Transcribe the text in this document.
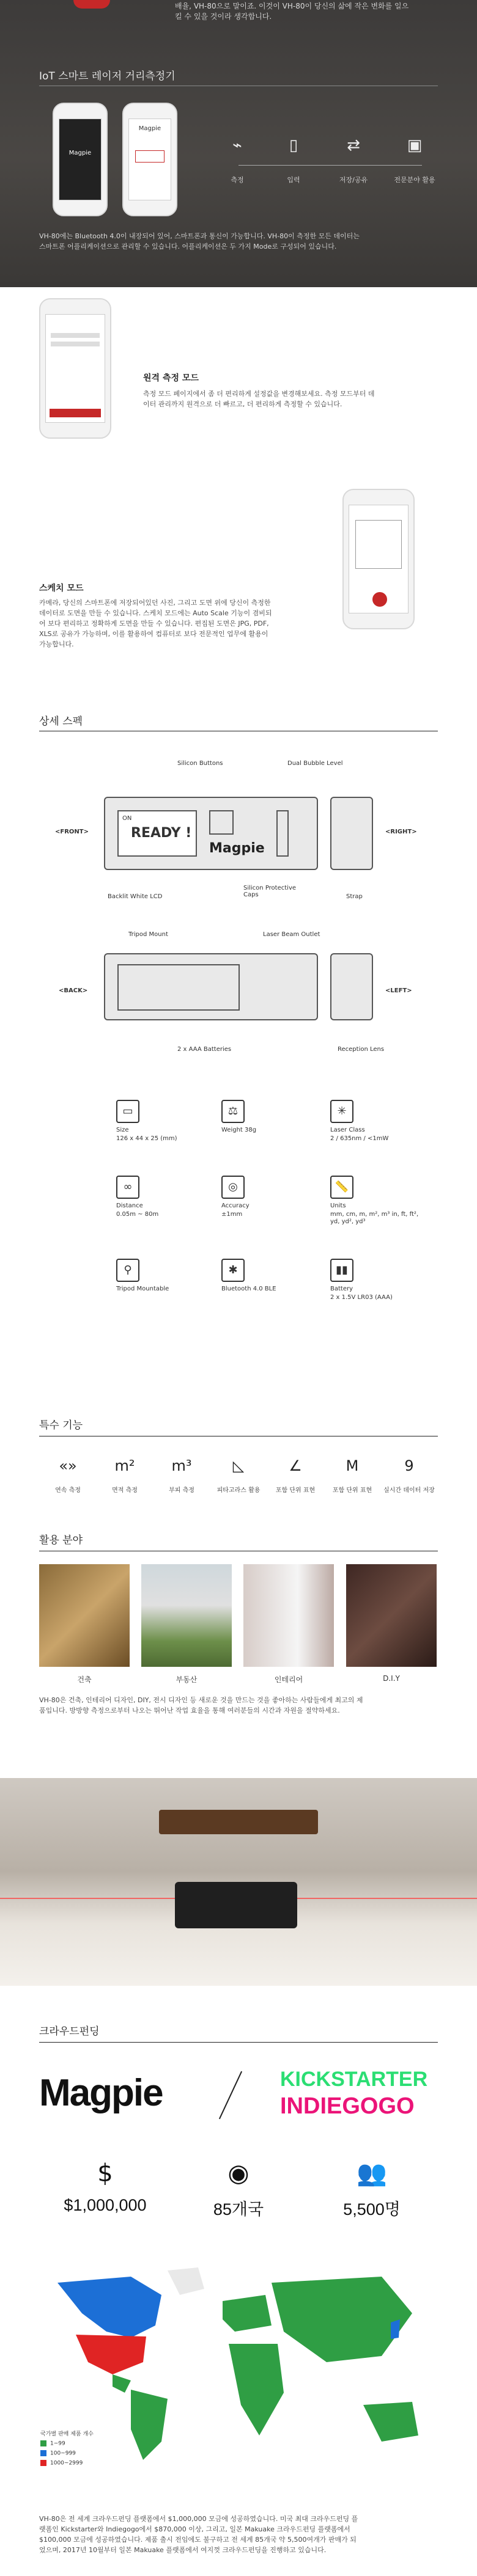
배율, VH-80으로 말이죠. 이것이 VH-80이 당신의 삶에 작은 변화를 일으
킬 수 있을 것이라 생각합니다.
IoT 스마트 레이저 거리측정기
Magpie
Magpie
⌁	▯	⇄	▣
측정	입력	저장/공유	전문분야 활용
VH-80에는 Bluetooth 4.0이 내장되어 있어, 스마트폰과 통신이 가능합니다. VH-80이 측정한 모든 데이터는
스마트폰 어플리케이션으로 관리할 수 있습니다. 어플리케이션은 두 가지 Mode로 구성되어 있습니다.
원격 측정 모드
측정 모드 페이지에서 좀 더 편리하게 설정값을 변경해보세요. 측정 모드부터 데
이터 관리까지 원격으로 더 빠르고, 더 편리하게 측정할 수 있습니다.
스케치 모드
카메라, 당신의 스마트폰에 저장되어있던 사진, 그리고 도면 위에 당신이 측정한
데이터로 도면을 만들 수 있습니다. 스케치 모드에는 Auto Scale 기능이 겸비되
어 보다 편리하고 정확하게 도면을 만들 수 있습니다. 편집된 도면은 JPG, PDF,
XLS로 공유가 가능하며, 이를 활용하여 컴퓨터로 보다 전문적인 업무에 활용이
가능합니다.
상세 스펙
Silicon Buttons	Dual Bubble Level
<FRONT>
ON
READY !
Magpie
<RIGHT>
Backlit White LCD
Silicon Protective Caps	Strap
Tripod Mount	Laser Beam Outlet
<BACK>	<LEFT>
2 x AAA Batteries	Reception Lens
▭
Size
126 x 44 x 25 (mm)
⚖
Weight 38g
✳
Laser Class
2 / 635nm / <1mW
∞
Distance
0.05m ~ 80m
◎
Accuracy
±1mm
📏
Units
mm, cm, m, m², m³ in, ft, ft², yd, yd², yd³
⚲
Tripod Mountable
✱
Bluetooth 4.0 BLE
▮▮
Battery
2 x 1.5V LR03 (AAA)
특수 기능
«»
연속 측정
m²
면적 측정
m³
부피 측정
◺
피타고라스 활용
∠
포함 단위 표현
M
포함 단위 표현
9
실시간 데이터 저장
활용 분야
건축	부동산	인테리어	D.I.Y
VH-80은 건축, 인테리어 디자인, DIY, 전시 디자인 등 새로운 것을 만드는 것을 좋아하는 사람들에게 최고의 제
품입니다. 방방향 측정으로부터 나오는 뛰어난 작업 효율을 통해 여러분들의 시간과 자원을 절약하세요.
크라우드펀딩
Magpie	KICKSTARTER
INDIEGOGO
$
$1,000,000
◉
85개국
👥
5,500명
국가별 판매 제품 개수
1~99
100~999
1000~2999
VH-80은 전 세계 크라우드펀딩 플랫폼에서 $1,000,000 모금에 성공하였습니다. 미국 최대 크라우드펀딩 플
랫폼인 Kickstarter와 Indiegogo에서 $870,000 이상, 그리고, 일본 Makuake 크라우드펀딩 플랫폼에서
$100,000 모금에 성공하였습니다. 제품 출시 전임에도 불구하고 전 세계 85개국 약 5,500여개가 판매가 되
었으며, 2017년 10월부터 일본 Makuake 플랫폼에서 여지껏 크라우드펀딩을 진행하고 있습니다.
